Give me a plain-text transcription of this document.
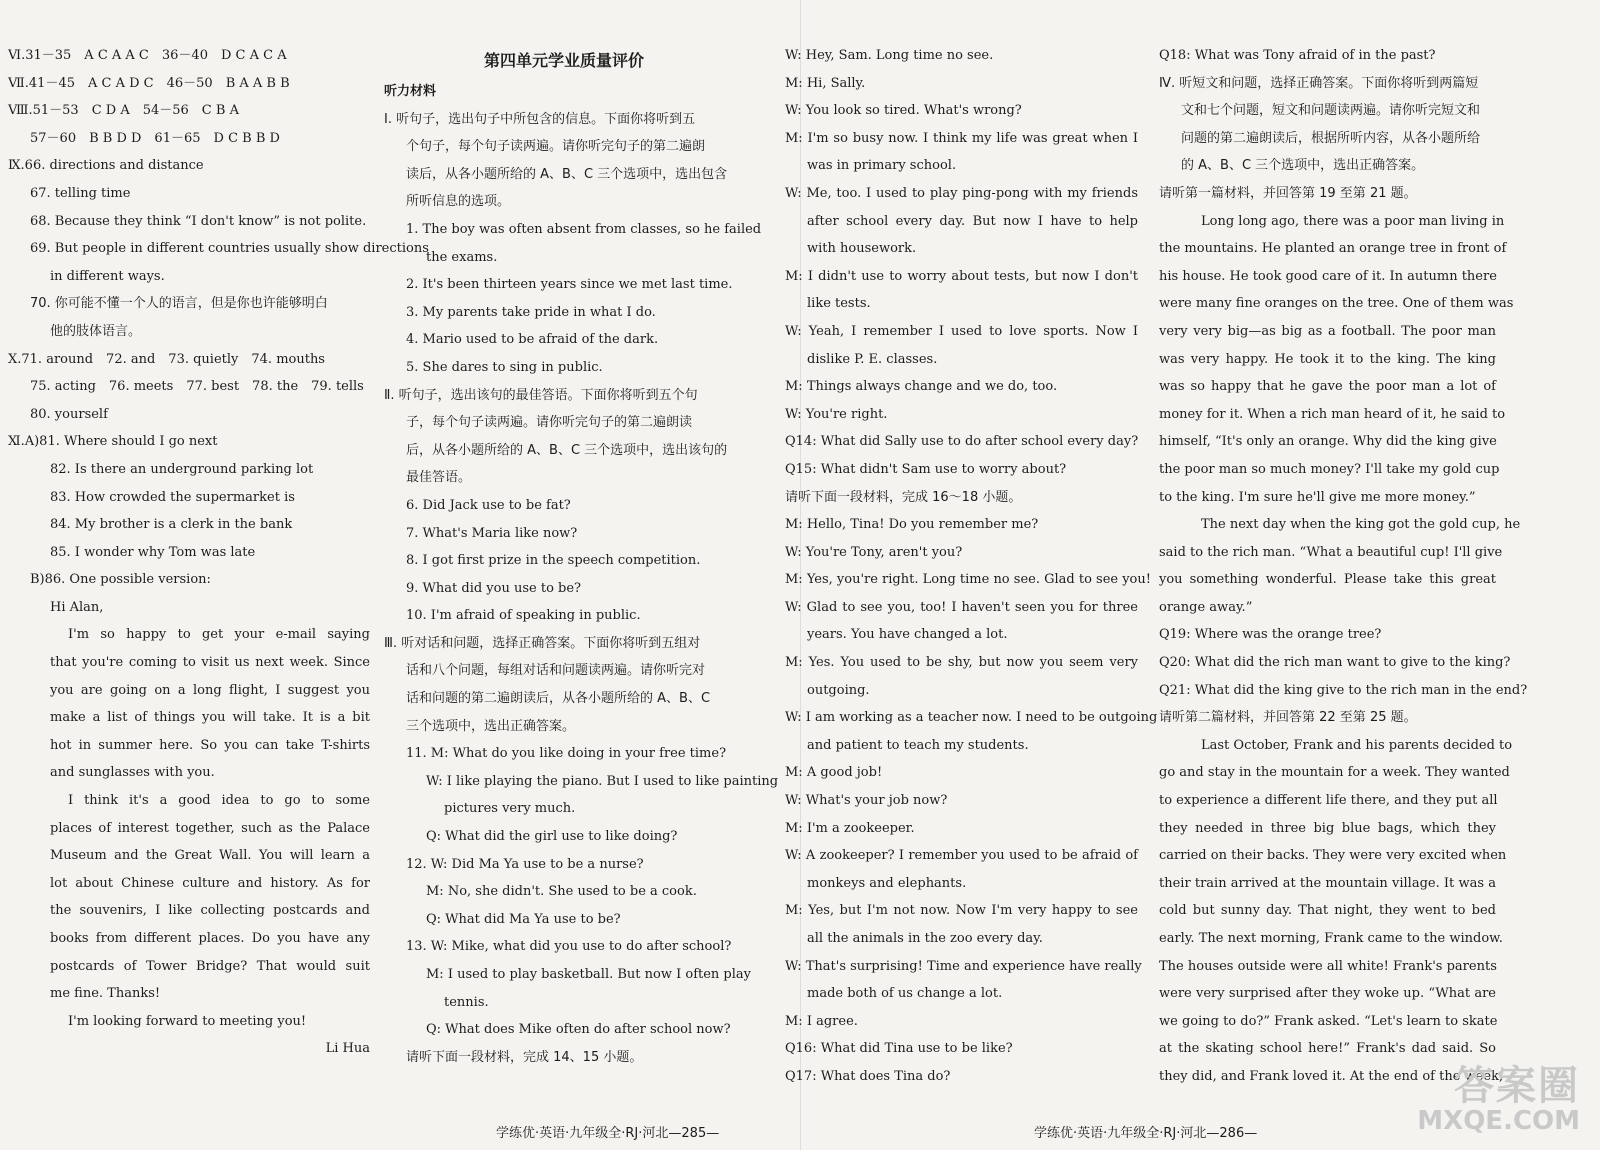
Ⅵ.31－35　A C A A C　36－40　D C A C A
Ⅶ.41－45　A C A D C　46－50　B A A B B
Ⅷ.51－53　C D A　54－56　C B A
57－60　B B D D　61－65　D C B B D
Ⅸ.66. directions and distance
67. telling time
68. Because they think “I don't know” is not polite.
69. But people in different countries usually show directions
in different ways.
70. 你可能不懂一个人的语言，但是你也许能够明白
他的肢体语言。
Ⅹ.71. around　72. and　73. quietly　74. mouths
75. acting　76. meets　77. best　78. the　79. tells
80. yourself
Ⅺ.A)81. Where should I go next
82. Is there an underground parking lot
83. How crowded the supermarket is
84. My brother is a clerk in the bank
85. I wonder why Tom was late
B)86. One possible version:
Hi Alan,
I'm so happy to get your e-mail saying
that you're coming to visit us next week. Since
you are going on a long flight, I suggest you
make a list of things you will take. It is a bit
hot in summer here. So you can take T-shirts
and sunglasses with you.
I think it's a good idea to go to some
places of interest together, such as the Palace
Museum and the Great Wall. You will learn a
lot about Chinese culture and history. As for
the souvenirs, I like collecting postcards and
books from different places. Do you have any
postcards of Tower Bridge? That would suit
me fine. Thanks!
I'm looking forward to meeting you!
Li Hua
第四单元学业质量评价
听力材料
Ⅰ. 听句子，选出句子中所包含的信息。下面你将听到五
个句子，每个句子读两遍。请你听完句子的第二遍朗
读后，从各小题所给的 A、B、C 三个选项中，选出包含
所听信息的选项。
1. The boy was often absent from classes, so he failed
the exams.
2. It's been thirteen years since we met last time.
3. My parents take pride in what I do.
4. Mario used to be afraid of the dark.
5. She dares to sing in public.
Ⅱ. 听句子，选出该句的最佳答语。下面你将听到五个句
子，每个句子读两遍。请你听完句子的第二遍朗读
后，从各小题所给的 A、B、C 三个选项中，选出该句的
最佳答语。
6. Did Jack use to be fat?
7. What's Maria like now?
8. I got first prize in the speech competition.
9. What did you use to be?
10. I'm afraid of speaking in public.
Ⅲ. 听对话和问题，选择正确答案。下面你将听到五组对
话和八个问题，每组对话和问题读两遍。请你听完对
话和问题的第二遍朗读后，从各小题所给的 A、B、C
三个选项中，选出正确答案。
11. M: What do you like doing in your free time?
W: I like playing the piano. But I used to like painting
pictures very much.
Q: What did the girl use to like doing?
12. W: Did Ma Ya use to be a nurse?
M: No, she didn't. She used to be a cook.
Q: What did Ma Ya use to be?
13. W: Mike, what did you use to do after school?
M: I used to play basketball. But now I often play
tennis.
Q: What does Mike often do after school now?
请听下面一段材料，完成 14、15 小题。
学练优·英语·九年级全·RJ·河北—285—
W: Hey, Sam. Long time no see.
M: Hi, Sally.
W: You look so tired. What's wrong?
M: I'm so busy now. I think my life was great when I
was in primary school.
W: Me, too. I used to play ping-pong with my friends
after school every day. But now I have to help
with housework.
M: I didn't use to worry about tests, but now I don't
like tests.
W: Yeah, I remember I used to love sports. Now I
dislike P. E. classes.
M: Things always change and we do, too.
W: You're right.
Q14: What did Sally use to do after school every day?
Q15: What didn't Sam use to worry about?
请听下面一段材料，完成 16～18 小题。
M: Hello, Tina! Do you remember me?
W: You're Tony, aren't you?
M: Yes, you're right. Long time no see. Glad to see you!
W: Glad to see you, too! I haven't seen you for three
years. You have changed a lot.
M: Yes. You used to be shy, but now you seem very
outgoing.
W: I am working as a teacher now. I need to be outgoing
and patient to teach my students.
M: A good job!
W: What's your job now?
M: I'm a zookeeper.
W: A zookeeper? I remember you used to be afraid of
monkeys and elephants.
M: Yes, but I'm not now. Now I'm very happy to see
all the animals in the zoo every day.
W: That's surprising! Time and experience have really
made both of us change a lot.
M: I agree.
Q16: What did Tina use to be like?
Q17: What does Tina do?
Q18: What was Tony afraid of in the past?
Ⅳ. 听短文和问题，选择正确答案。下面你将听到两篇短
文和七个问题，短文和问题读两遍。请你听完短文和
问题的第二遍朗读后，根据所听内容，从各小题所给
的 A、B、C 三个选项中，选出正确答案。
请听第一篇材料，并回答第 19 至第 21 题。
Long long ago, there was a poor man living in
the mountains. He planted an orange tree in front of
his house. He took good care of it. In autumn there
were many fine oranges on the tree. One of them was
very very big—as big as a football. The poor man
was very happy. He took it to the king. The king
was so happy that he gave the poor man a lot of
money for it. When a rich man heard of it, he said to
himself, “It's only an orange. Why did the king give
the poor man so much money? I'll take my gold cup
to the king. I'm sure he'll give me more money.”
The next day when the king got the gold cup, he
said to the rich man. “What a beautiful cup! I'll give
you something wonderful. Please take this great
orange away.”
Q19: Where was the orange tree?
Q20: What did the rich man want to give to the king?
Q21: What did the king give to the rich man in the end?
请听第二篇材料，并回答第 22 至第 25 题。
Last October, Frank and his parents decided to
go and stay in the mountain for a week. They wanted
to experience a different life there, and they put all
they needed in three big blue bags, which they
carried on their backs. They were very excited when
their train arrived at the mountain village. It was a
cold but sunny day. That night, they went to bed
early. The next morning, Frank came to the window.
The houses outside were all white! Frank's parents
were very surprised after they woke up. “What are
we going to do?” Frank asked. “Let's learn to skate
at the skating school here!” Frank's dad said. So
they did, and Frank loved it. At the end of the week,
学练优·英语·九年级全·RJ·河北—286—
答案圈
MXQE.COM
